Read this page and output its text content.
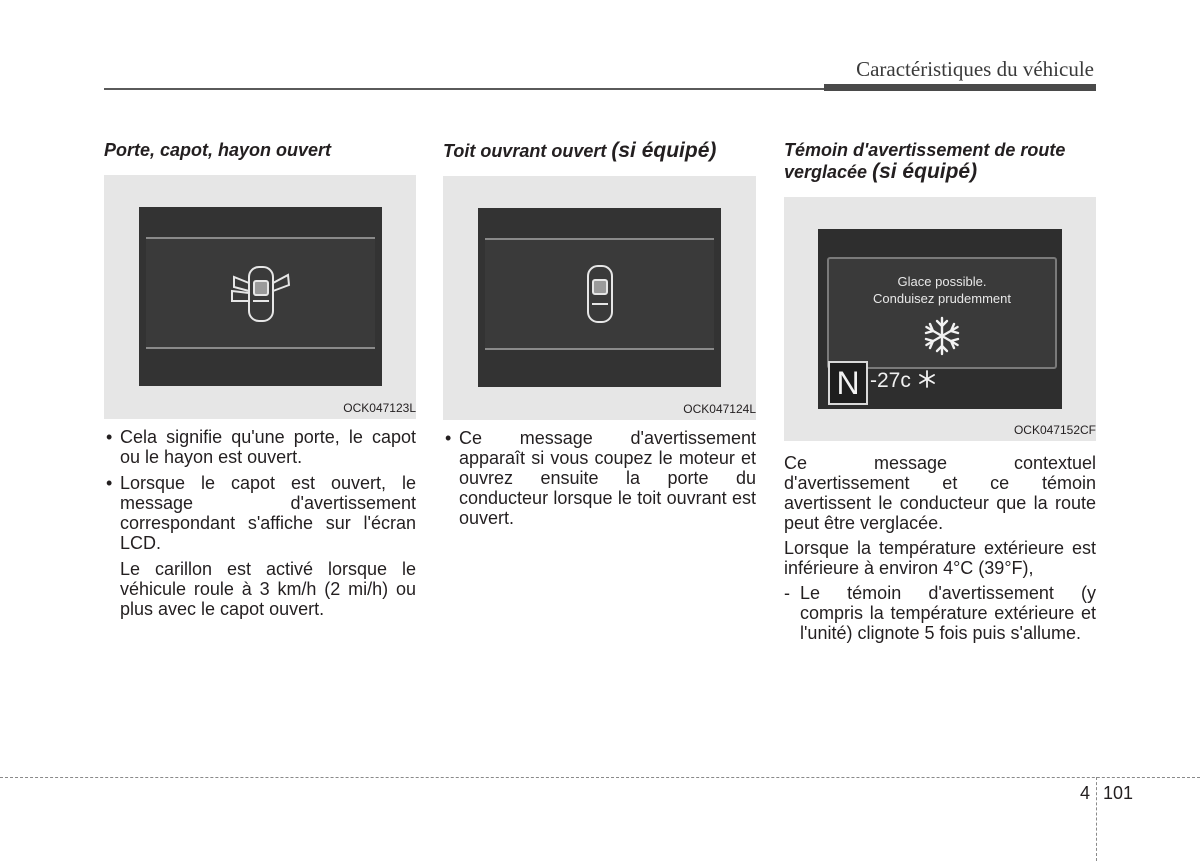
Caractéristiques du véhicule
Porte, capot, hayon ouvert
OCK047123L
• Cela signifie qu'une porte, le capot ou le hayon est ouvert.
• Lorsque le capot est ouvert, le message d'avertissement correspondant s'affiche sur l'écran LCD.
Le carillon est activé lorsque le véhicule roule à 3 km/h (2 mi/h) ou plus avec le capot ouvert.
Toit ouvrant ouvert (si équipé)
OCK047124L
• Ce message d'avertissement apparaît si vous coupez le moteur et ouvrez ensuite la porte du conducteur lorsque le toit ouvrant est ouvert.
Témoin d'avertissement de route verglacée (si équipé)
Glace possible.
Conduisez prudemment
N -27c
OCK047152CF

Ce message contextuel d'avertissement et ce témoin avertissent le conducteur que la route peut être verglacée.

Lorsque la température extérieure est inférieure à environ 4°C (39°F),

- Le témoin d'avertissement (y compris la température extérieure et l'unité) clignote 5 fois puis s'allume.

4 101
